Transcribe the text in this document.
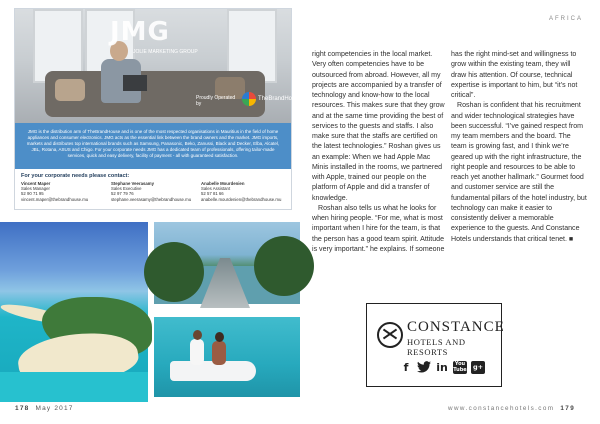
AFRICA
JMG
JOLIE MARKETING GROUP
Proudly Operated by
TheBrandHouse
JMG is the distribution arm of TheBrandHouse and is one of the most respected organisations in Mauritius in the field of home appliances and consumer electronics. JMG acts as the essential link between the brand owners and the market. JMG imports, markets and distributes top international brands such as Samsung, Panasonic, Beko, Zanussi, Black and Decker, Elba, Alcatel, JBL, Rotana, ASUS and Chigo. For your corporate needs JMG has a dedicated team of professionals, offering tailor-made services, quick and easy delivery, facility of payment - all with guaranteed satisfaction.
For your corporate needs please contact:
Vincent Maper
Sales Manager
52 90 71 95
vincent.maper@thebrandhouse.mu
Stephane Veerasamy
Sales Executive
52 97 79 76
stephane.veerasamy@thebrandhouse.mu
Anabelle Mourdenien
Sales Assistant
52 57 81 66
anabelle.mourdenien@thebrandhouse.mu

right competencies in the local market. Very often competencies have to be outsourced from abroad. However, all my projects are accompanied by a transfer of technology and know-how to the local resources. This makes sure that they grow and at the same time providing the best of services to the guests and staffs. I also make sure that the staffs are certified on the latest technologies.” Roshan gives us an example: When we had Apple Mac Minis installed in the rooms, we partnered with Apple, trained our people on the platform of Apple and did a transfer of knowledge.

Roshan also tells us what he looks for when hiring people. “For me, what is most important when I hire for the team, is that the person has a good team spirit. Attitude is very important.” he explains. If someone

has the right mind-set and willingness to grow within the existing team, they will draw his attention. Of course, technical expertise is important to him, but “it’s not critical”.

Roshan is confident that his recruitment and wider technological strategies have been successful. “I’ve gained respect from my team members and the board. The team is growing fast, and I think we’re geared up with the right infrastructure, the right people and resources to be able to reach yet another hallmark.” Gourmet food and customer service are still the fundamental pillars of the hotel industry, but technology can make it easier to consistently deliver a memorable experience to the guests. And Constance Hotels understands that critical tenet. ■

CONSTANCE
HOTELS AND RESORTS
f	in You
Tube g+
178 May 2017	www.constancehotels.com 179
